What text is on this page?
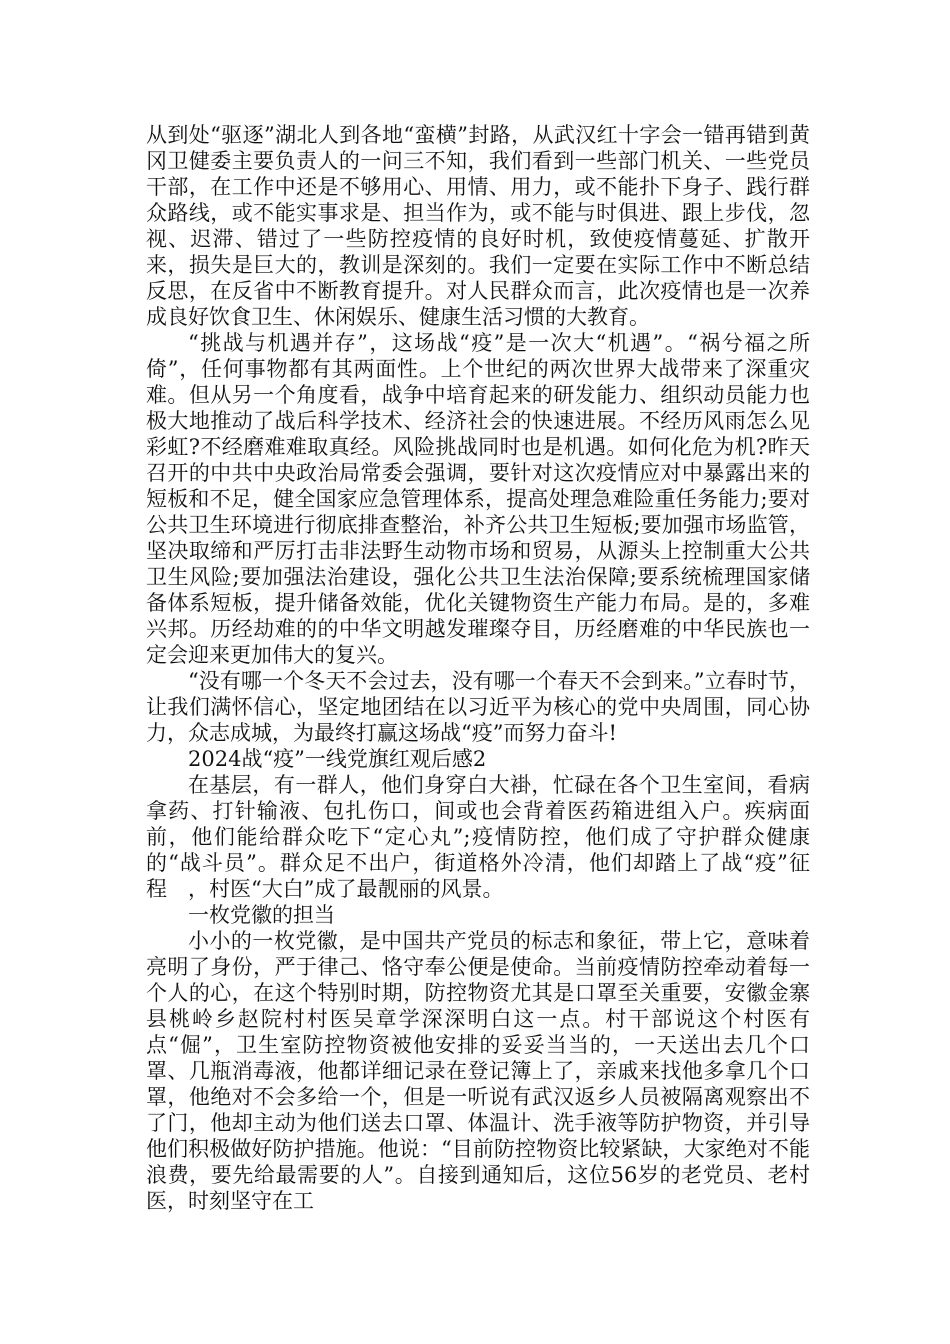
从到处“驱逐”湖北人到各地“蛮横”封路，从武汉红十字会一错再错到黄冈卫健委主要负责人的一问三不知，我们看到一些部门机关、一些党员干部，在工作中还是不够用心、用情、用力，或不能扑下身子、践行群众路线，或不能实事求是、担当作为，或不能与时俱进、跟上步伐，忽视、迟滞、错过了一些防控疫情的良好时机，致使疫情蔓延、扩散开来，损失是巨大的，教训是深刻的。我们一定要在实际工作中不断总结反思，在反省中不断教育提升。对人民群众而言，此次疫情也是一次养成良好饮食卫生、休闲娱乐、健康生活习惯的大教育。

“挑战与机遇并存”，这场战“疫”是一次大“机遇”。“祸兮福之所倚”，任何事物都有其两面性。上个世纪的两次世界大战带来了深重灾难。但从另一个角度看，战争中培育起来的研发能力、组织动员能力也极大地推动了战后科学技术、经济社会的快速进展。不经历风雨怎么见彩虹?不经磨难难取真经。风险挑战同时也是机遇。如何化危为机?昨天召开的中共中央政治局常委会强调，要针对这次疫情应对中暴露出来的短板和不足，健全国家应急管理体系，提高处理急难险重任务能力;要对公共卫生环境进行彻底排查整治，补齐公共卫生短板;要加强市场监管，坚决取缔和严厉打击非法野生动物市场和贸易，从源头上控制重大公共卫生风险;要加强法治建设，强化公共卫生法治保障;要系统梳理国家储备体系短板，提升储备效能，优化关键物资生产能力布局。是的，多难兴邦。历经劫难的的中华文明越发璀璨夺目，历经磨难的中华民族也一定会迎来更加伟大的复兴。

“没有哪一个冬天不会过去，没有哪一个春天不会到来。”立春时节，让我们满怀信心，坚定地团结在以习近平为核心的党中央周围，同心协力，众志成城，为最终打赢这场战“疫”而努力奋斗!

2024战“疫”一线党旗红观后感2

在基层，有一群人，他们身穿白大褂，忙碌在各个卫生室间，看病拿药、打针输液、包扎伤口，间或也会背着医药箱进组入户。疾病面前，他们能给群众吃下“定心丸”;疫情防控，他们成了守护群众健康的“战斗员”。群众足不出户，街道格外冷清，他们却踏上了战“疫”征程　，村医“大白”成了最靓丽的风景。

一枚党徽的担当

小小的一枚党徽，是中国共产党员的标志和象征，带上它，意味着亮明了身份，严于律己、恪守奉公便是使命。当前疫情防控牵动着每一个人的心，在这个特别时期，防控物资尤其是口罩至关重要，安徽金寨县桃岭乡赵院村村医吴章学深深明白这一点。村干部说这个村医有点“倔”，卫生室防控物资被他安排的妥妥当当的，一天送出去几个口罩、几瓶消毒液，他都详细记录在登记簿上了，亲戚来找他多拿几个口罩，他绝对不会多给一个，但是一听说有武汉返乡人员被隔离观察出不了门，他却主动为他们送去口罩、体温计、洗手液等防护物资，并引导他们积极做好防护措施。他说：“目前防控物资比较紧缺，大家绝对不能浪费，要先给最需要的人”。自接到通知后，这位56岁的老党员、老村医，时刻坚守在工
